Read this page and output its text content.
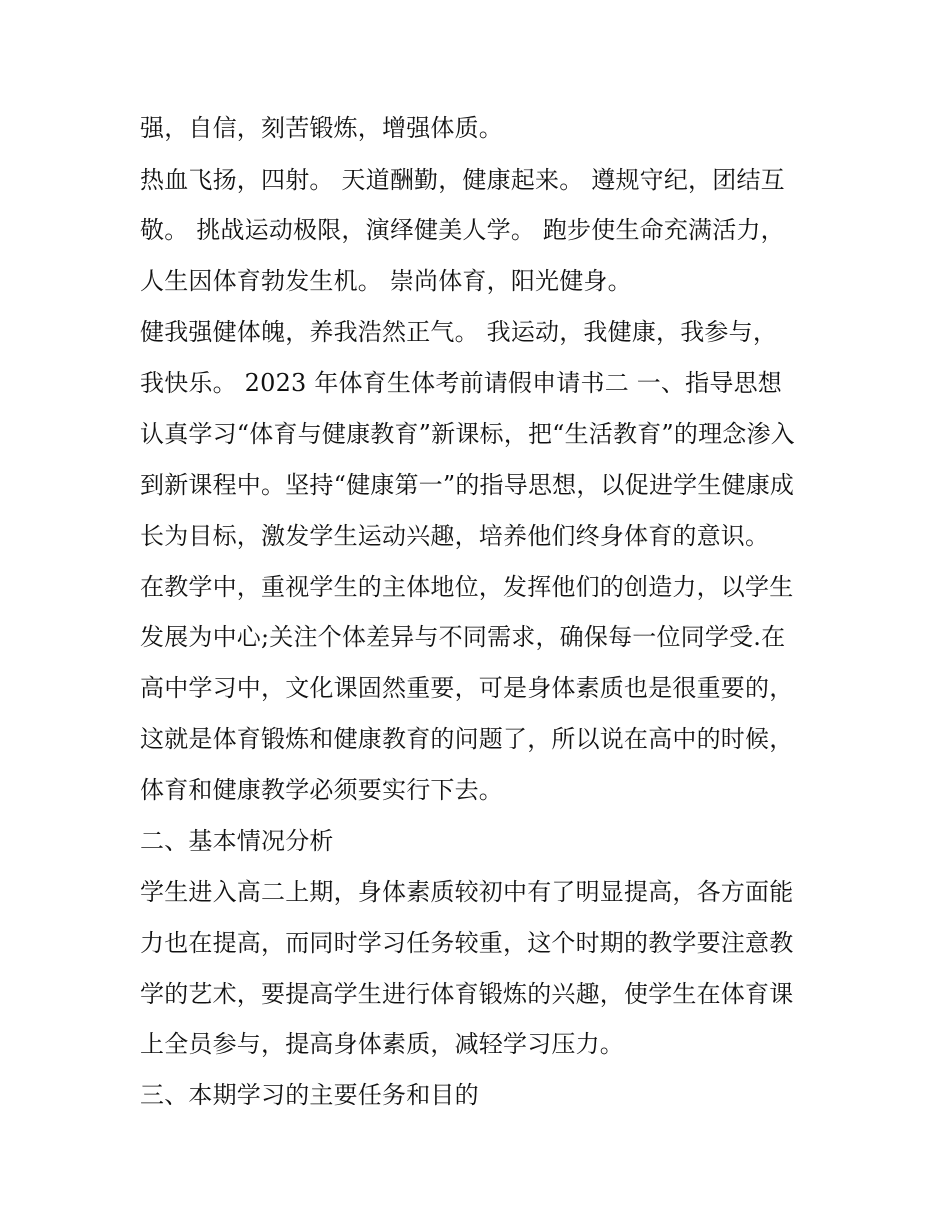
强，自信，刻苦锻炼，增强体质。

热血飞扬，四射。 天道酬勤，健康起来。 遵规守纪，团结互

敬。 挑战运动极限，演绎健美人学。 跑步使生命充满活力，

人生因体育勃发生机。 崇尚体育，阳光健身。

健我强健体魄，养我浩然正气。 我运动，我健康，我参与，

我快乐。 2023 年体育生体考前请假申请书二 一、指导思想

认真学习“体育与健康教育”新课标，把“生活教育”的理念渗入

到新课程中。坚持“健康第一”的指导思想，以促进学生健康成

长为目标，激发学生运动兴趣，培养他们终身体育的意识。

在教学中，重视学生的主体地位，发挥他们的创造力，以学生

发展为中心;关注个体差异与不同需求，确保每一位同学受.在

高中学习中，文化课固然重要，可是身体素质也是很重要的，

这就是体育锻炼和健康教育的问题了，所以说在高中的时候，

体育和健康教学必须要实行下去。

二、基本情况分析

学生进入高二上期，身体素质较初中有了明显提高，各方面能

力也在提高，而同时学习任务较重，这个时期的教学要注意教

学的艺术，要提高学生进行体育锻炼的兴趣，使学生在体育课

上全员参与，提高身体素质，减轻学习压力。

三、本期学习的主要任务和目的
